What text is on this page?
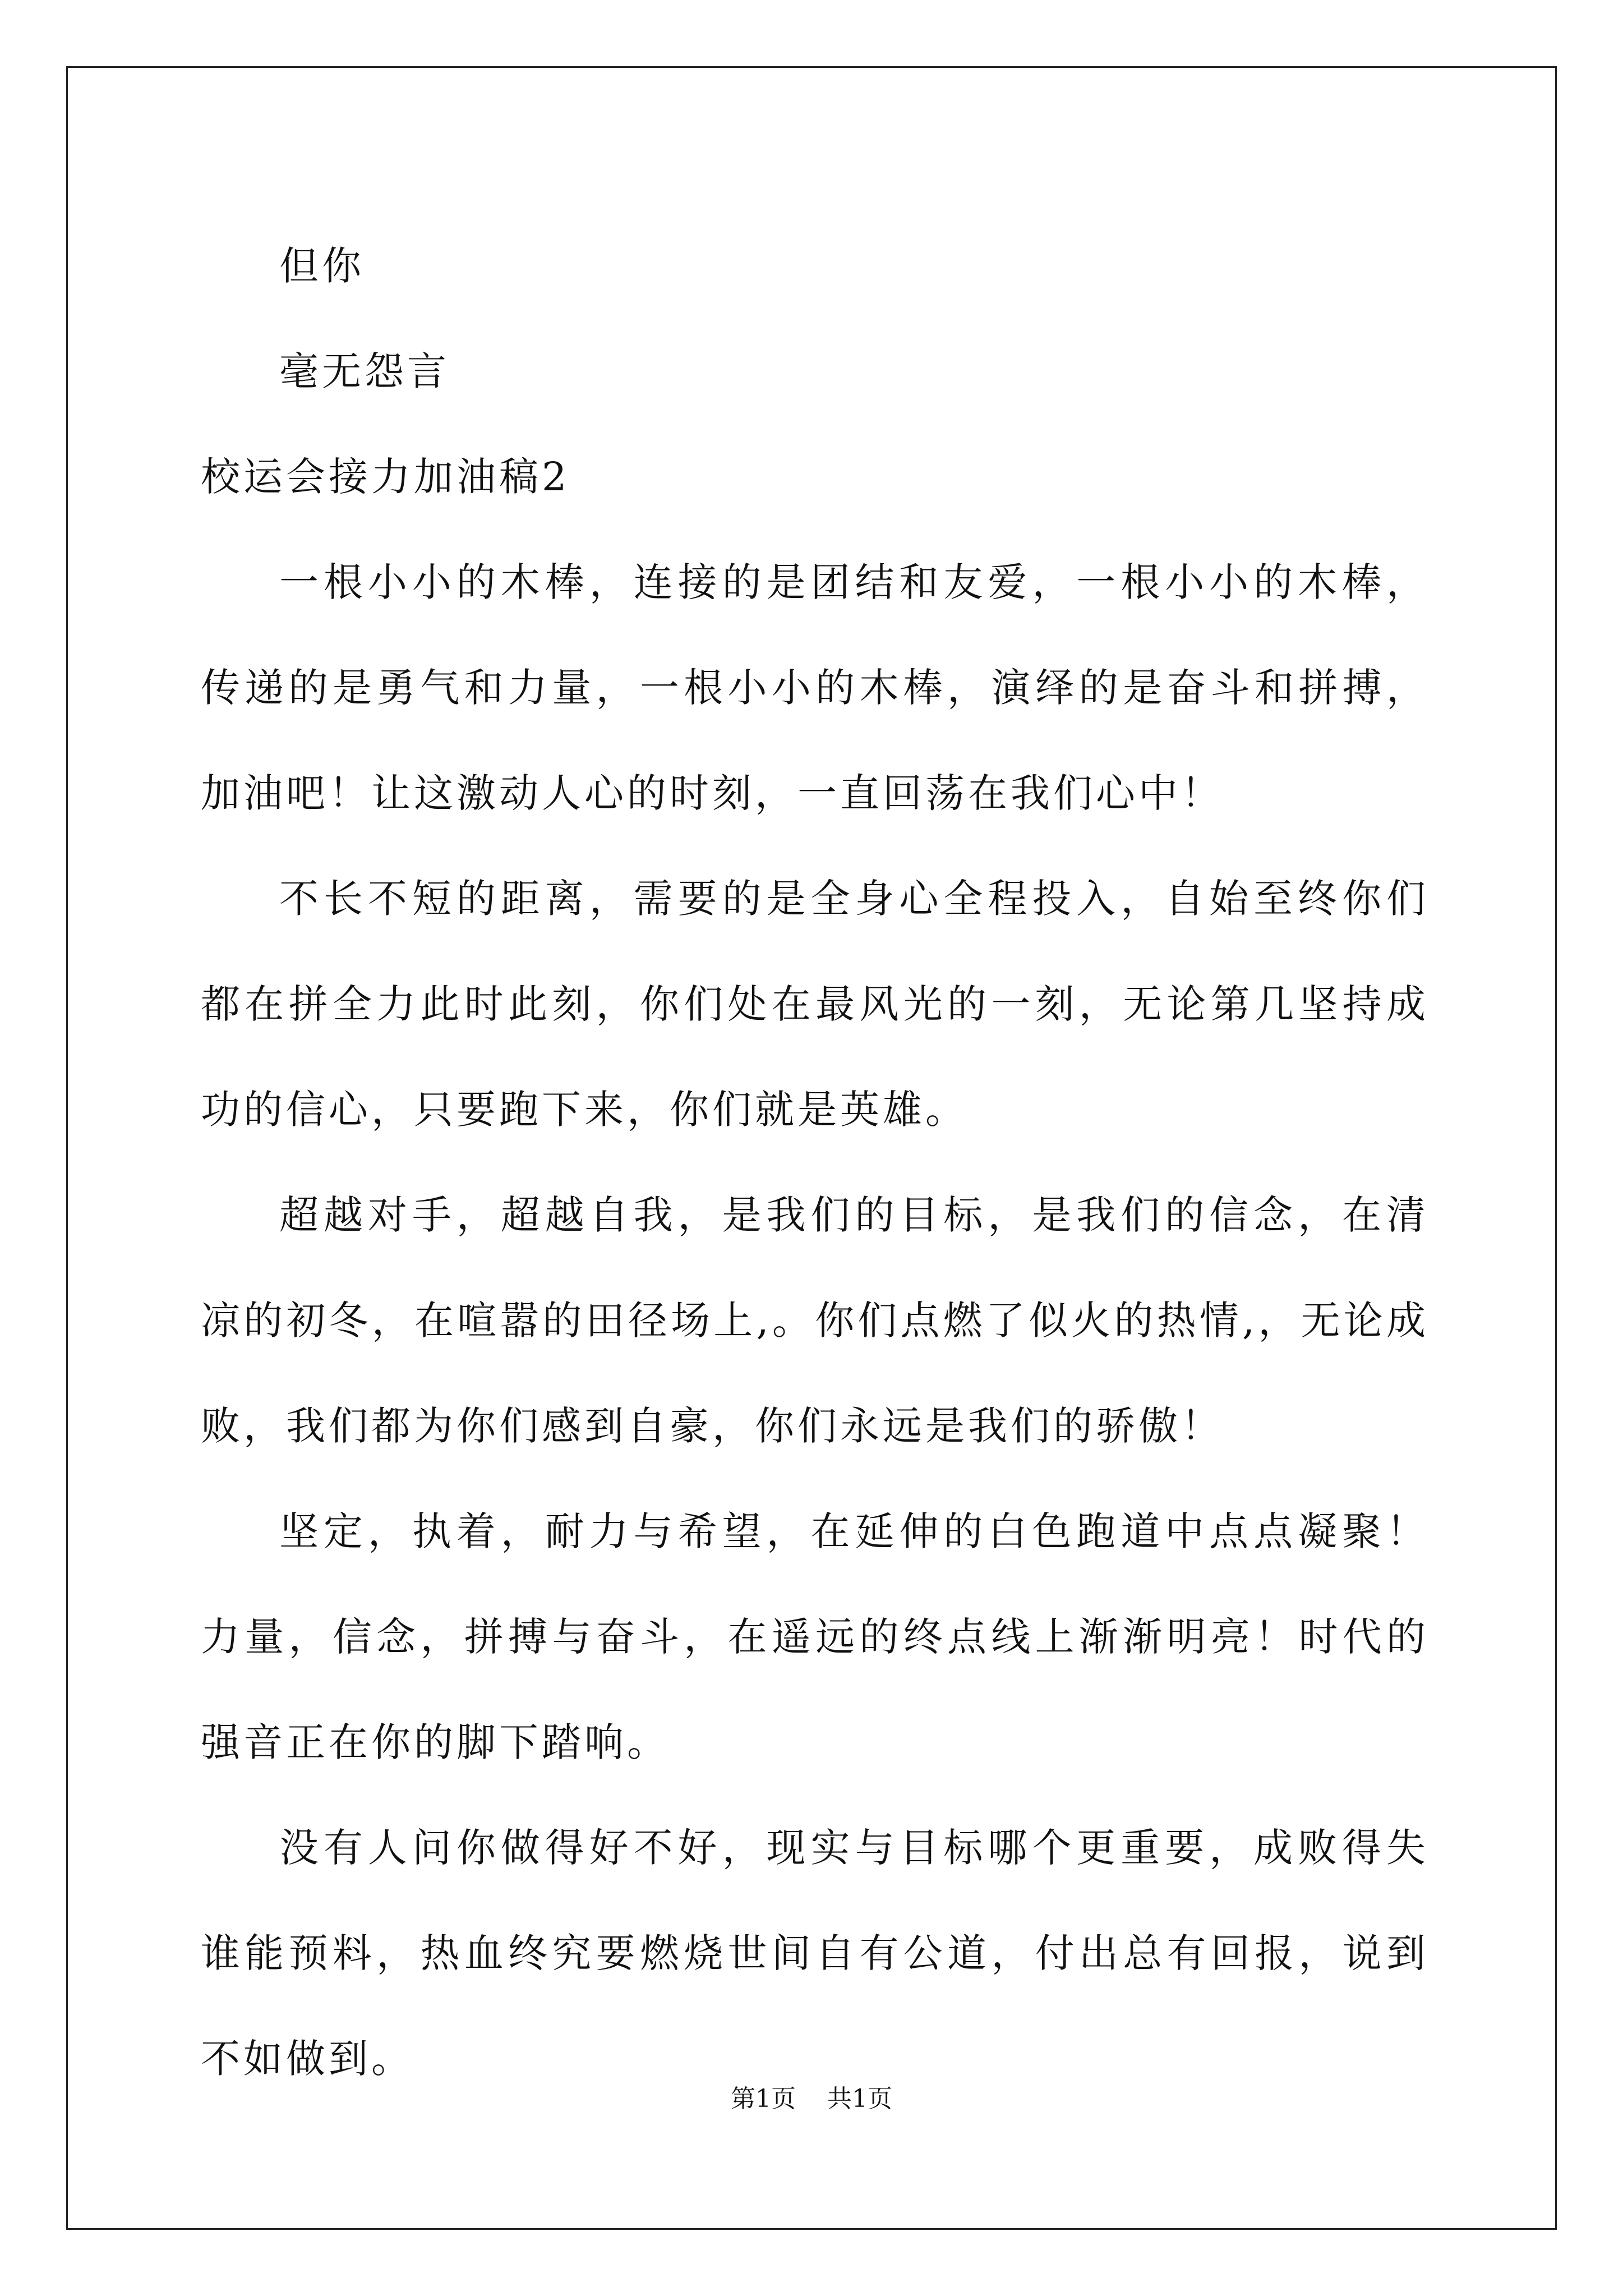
但你

毫无怨言

校运会接力加油稿2

一根小小的木棒，连接的是团结和友爱，一根小小的木棒，传递的是勇气和力量，一根小小的木棒，演绎的是奋斗和拼搏，加油吧！让这激动人心的时刻，一直回荡在我们心中！

不长不短的距离，需要的是全身心全程投入，自始至终你们都在拼全力此时此刻，你们处在最风光的一刻，无论第几坚持成功的信心，只要跑下来，你们就是英雄。

超越对手，超越自我，是我们的目标，是我们的信念，在清凉的初冬，在喧嚣的田径场上,。你们点燃了似火的热情,，无论成败，我们都为你们感到自豪，你们永远是我们的骄傲！

坚定，执着，耐力与希望，在延伸的白色跑道中点点凝聚！力量，信念，拼搏与奋斗，在遥远的终点线上渐渐明亮！时代的强音正在你的脚下踏响。

没有人问你做得好不好，现实与目标哪个更重要，成败得失谁能预料，热血终究要燃烧世间自有公道，付出总有回报，说到不如做到。

第1页 共1页
